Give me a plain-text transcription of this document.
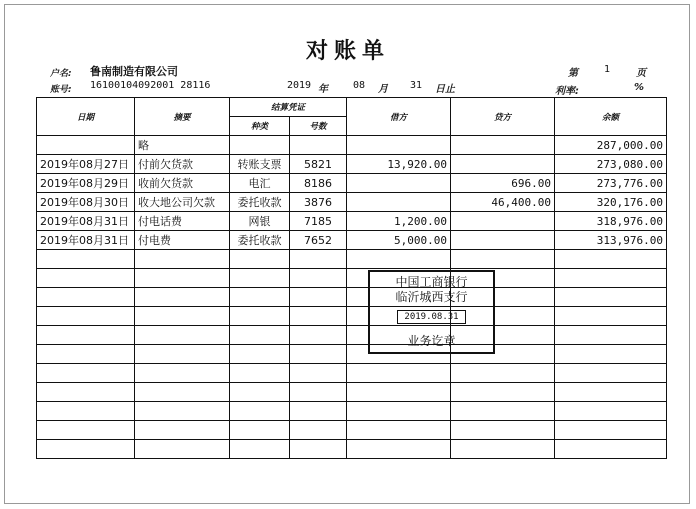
对账单
户名: 鲁南制造有限公司
账号: 16100104092001 28116	2019 年	08 月 31 日止
第	1	页
利率:	%
日期	摘要	结算凭证		借方	贷方	余额
		种类	号数			
	略					287,000.00
2019年08月27日	付前欠货款	转账支票	5821	13,920.00		273,080.00
2019年08月29日	收前欠货款	电汇	8186		696.00	273,776.00
2019年08月30日	收大地公司欠款	委托收款	3876		46,400.00	320,176.00
2019年08月31日	付电话费	网银	7185	1,200.00		318,976.00
2019年08月31日	付电费	委托收款	7652	5,000.00		313,976.00

中国工商银行
临沂城西支行
2019.08.31
业务讫章
